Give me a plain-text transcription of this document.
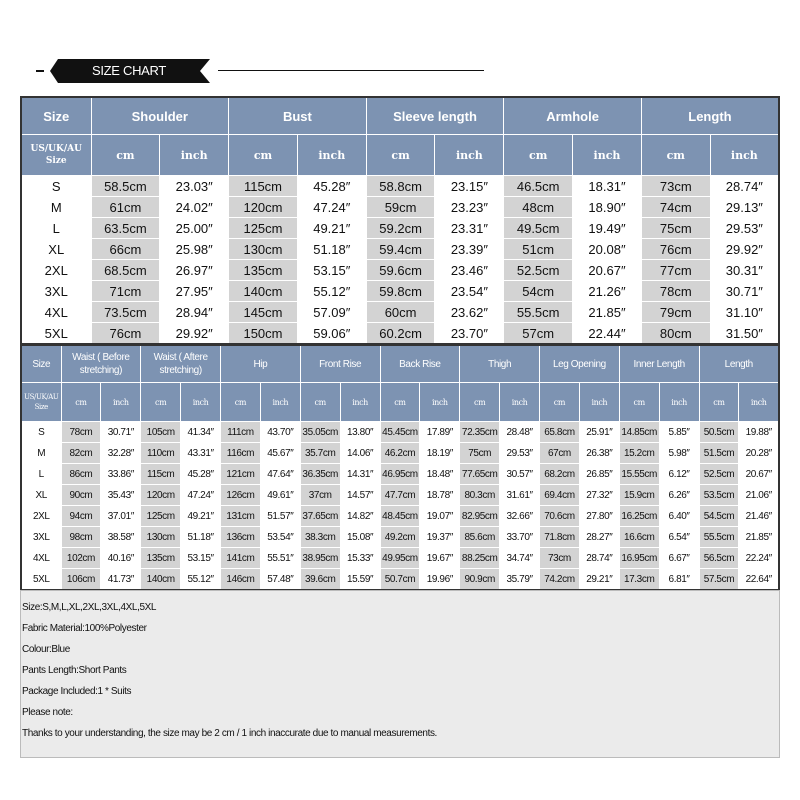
SIZE CHART
Size	Shoulder		Bust		Sleeve length		Armhole		Length	
US/UK/AU Size	cm	inch	cm	inch	cm	inch	cm	inch	cm	inch
S	58.5cm	23.03″	115cm	45.28″	58.8cm	23.15″	46.5cm	18.31″	73cm	28.74″
M	61cm	24.02″	120cm	47.24″	59cm	23.23″	48cm	18.90″	74cm	29.13″
L	63.5cm	25.00″	125cm	49.21″	59.2cm	23.31″	49.5cm	19.49″	75cm	29.53″
XL	66cm	25.98″	130cm	51.18″	59.4cm	23.39″	51cm	20.08″	76cm	29.92″
2XL	68.5cm	26.97″	135cm	53.15″	59.6cm	23.46″	52.5cm	20.67″	77cm	30.31″
3XL	71cm	27.95″	140cm	55.12″	59.8cm	23.54″	54cm	21.26″	78cm	30.71″
4XL	73.5cm	28.94″	145cm	57.09″	60cm	23.62″	55.5cm	21.85″	79cm	31.10″
5XL	76cm	29.92″	150cm	59.06″	60.2cm	23.70″	57cm	22.44″	80cm	31.50″
Size	Waist ( Before stretching)		Waist ( Aftere stretching)		Hip		Front Rise		Back Rise		Thigh		Leg Opening		Inner Length		Length	
US/UK/AU Size	cm	inch	cm	inch	cm	inch	cm	inch	cm	inch	cm	inch	cm	inch	cm	inch	cm	inch
S	78cm	30.71″	105cm	41.34″	111cm	43.70″	35.05cm	13.80″	45.45cm	17.89″	72.35cm	28.48″	65.8cm	25.91″	14.85cm	5.85″	50.5cm	19.88″
M	82cm	32.28″	110cm	43.31″	116cm	45.67″	35.7cm	14.06″	46.2cm	18.19″	75cm	29.53″	67cm	26.38″	15.2cm	5.98″	51.5cm	20.28″
L	86cm	33.86″	115cm	45.28″	121cm	47.64″	36.35cm	14.31″	46.95cm	18.48″	77.65cm	30.57″	68.2cm	26.85″	15.55cm	6.12″	52.5cm	20.67″
XL	90cm	35.43″	120cm	47.24″	126cm	49.61″	37cm	14.57″	47.7cm	18.78″	80.3cm	31.61″	69.4cm	27.32″	15.9cm	6.26″	53.5cm	21.06″
2XL	94cm	37.01″	125cm	49.21″	131cm	51.57″	37.65cm	14.82″	48.45cm	19.07″	82.95cm	32.66″	70.6cm	27.80″	16.25cm	6.40″	54.5cm	21.46″
3XL	98cm	38.58″	130cm	51.18″	136cm	53.54″	38.3cm	15.08″	49.2cm	19.37″	85.6cm	33.70″	71.8cm	28.27″	16.6cm	6.54″	55.5cm	21.85″
4XL	102cm	40.16″	135cm	53.15″	141cm	55.51″	38.95cm	15.33″	49.95cm	19.67″	88.25cm	34.74″	73cm	28.74″	16.95cm	6.67″	56.5cm	22.24″
5XL	106cm	41.73″	140cm	55.12″	146cm	57.48″	39.6cm	15.59″	50.7cm	19.96″	90.9cm	35.79″	74.2cm	29.21″	17.3cm	6.81″	57.5cm	22.64″
Size:S,M,L,XL,2XL,3XL,4XL,5XL
Fabric Material:100%Polyester
Colour:Blue
Pants Length:Short Pants
Package Included:1 * Suits
Please note:
Thanks to your understanding, the size may be 2 cm / 1 inch inaccurate due to manual measurements.
